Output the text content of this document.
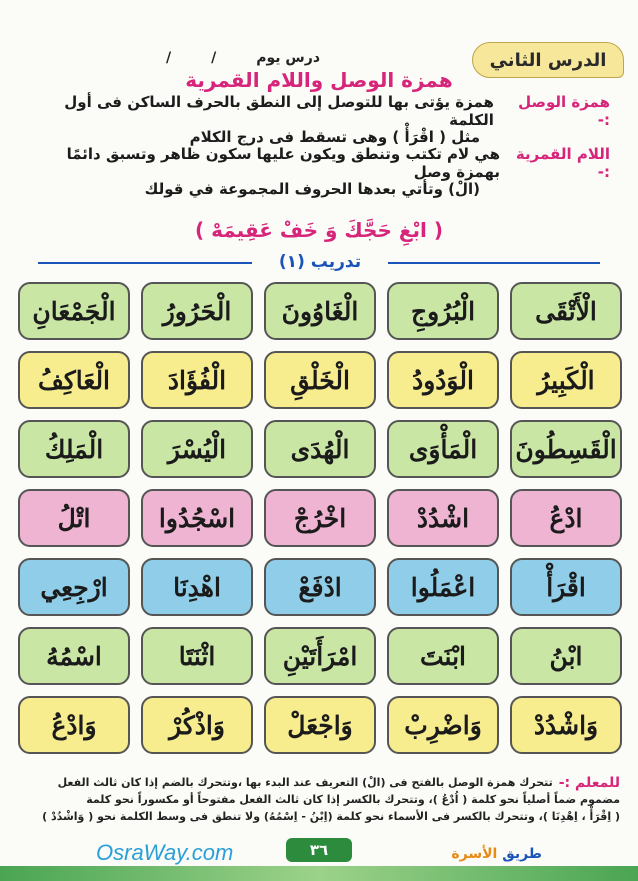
الدرس الثاني
درس يوم
/
/
همزة الوصل واللام القمرية
همزة الوصل :-
همزة يؤتى بها للتوصل إلى النطق بالحرف الساكن فى أول الكلمة
مثل ( اقْرَأْ ) وهى تسقط فى درج الكلام
اللام القمرية :-
هي لام تكتب وتنطق ويكون عليها سكون ظاهر وتسبق دائمًا بهمزة وصل
(الْ) وتأتي بعدها الحروف المجموعة في قولك
( ابْغِ حَجَّكَ وَ خَفْ عَقِيمَهْ )
تدريب (١)
الْأَتْقَى
الْبُرُوجِ
الْغَاوُونَ
الْحَرُورُ
الْجَمْعَانِ
الْكَبِيرُ
الْوَدُودُ
الْخَلْقِ
الْفُؤَادَ
الْعَاكِفُ
الْقَسِطُونَ
الْمَأْوَى
الْهُدَى
الْيُسْرَ
الْمَلِكُ
ادْعُ
اشْدُدْ
اخْرُجْ
اسْجُدُوا
اتْلُ
اقْرَأْ
اعْمَلُوا
ادْفَعْ
اهْدِنَا
ارْجِعِي
ابْنُ
ابْنَتَ
امْرَأَتَيْنِ
اثْنَتَا
اسْمُهُ
وَاشْدُدْ
وَاضْرِبْ
وَاجْعَلْ
وَاذْكُرْ
وَادْعُ
للمعلم :-
تتحرك همزة الوصل بالفتح فى (الْ) التعريف عند البدء بها ،وتتحرك بالضم إذا كان ثالث الفعل
مضموم ضماً أصلياً نحو كلمة ( اُدْعُ )، وتتحرك بالكسر إذا كان ثالث الفعل مفتوحاً أو مكسوراً نحو كلمة
( اِقْرَأْ ، اِهْدِنَا )، وتتحرك بالكسر فى الأسماء نحو كلمة (اِبْنُ - اِسْمُهُ) ولا تنطق فى وسط الكلمة نحو ( وَاشْدُدْ )
OsraWay.com	٣٦	طريق الأسرة
